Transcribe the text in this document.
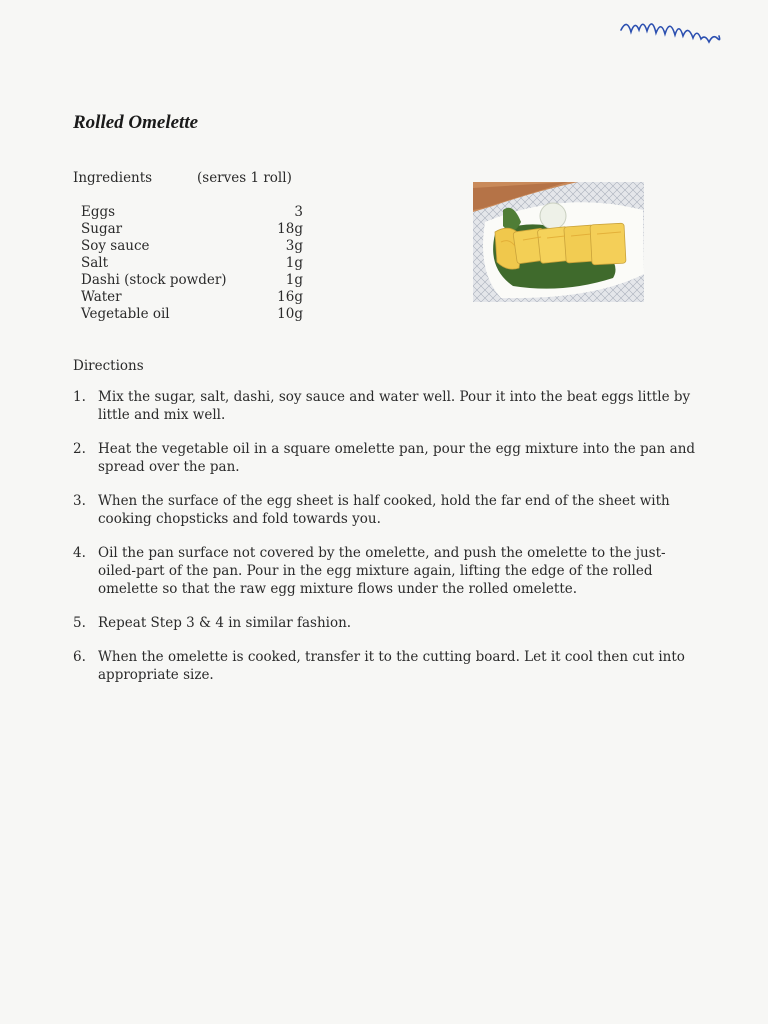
Rolled Omelette
Ingredients	(serves 1 roll)
Eggs	3
Sugar	18g
Soy sauce	3g
Salt	1g
Dashi (stock powder)	1g
Water	16g
Vegetable oil	10g
Directions
1. Mix the sugar, salt, dashi, soy sauce and water well. Pour it into the beat eggs little by little and mix well.
2. Heat the vegetable oil in a square omelette pan, pour the egg mixture into the pan and spread over the pan.
3. When the surface of the egg sheet is half cooked, hold the far end of the sheet with cooking chopsticks and fold towards you.
4. Oil the pan surface not covered by the omelette, and push the omelette to the just-oiled-part of the pan. Pour in the egg mixture again, lifting the edge of the rolled omelette so that the raw egg mixture flows under the rolled omelette.
5. Repeat Step 3 & 4 in similar fashion.
6. When the omelette is cooked, transfer it to the cutting board. Let it cool then cut into appropriate size.
